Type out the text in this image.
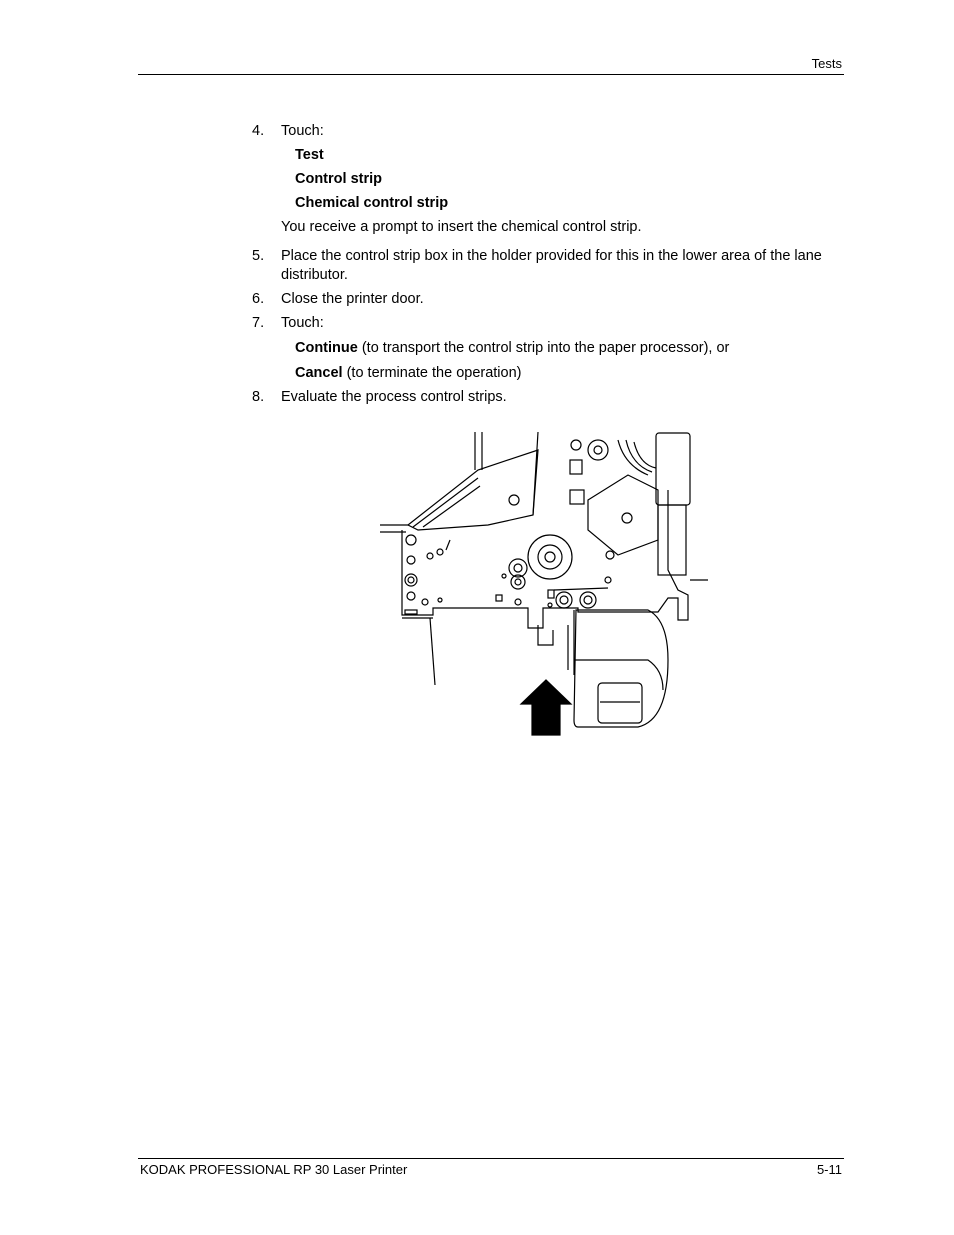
Tests
4. Touch:
Test
Control strip
Chemical control strip
You receive a prompt to insert the chemical control strip.
5. Place the control strip box in the holder provided for this in the lower area of the lane distributor.
6. Close the printer door.
7. Touch:
Continue (to transport the control strip into the paper processor), or
Cancel (to terminate the operation)
8. Evaluate the process control strips.
KODAK PROFESSIONAL RP 30 Laser Printer	5-11
